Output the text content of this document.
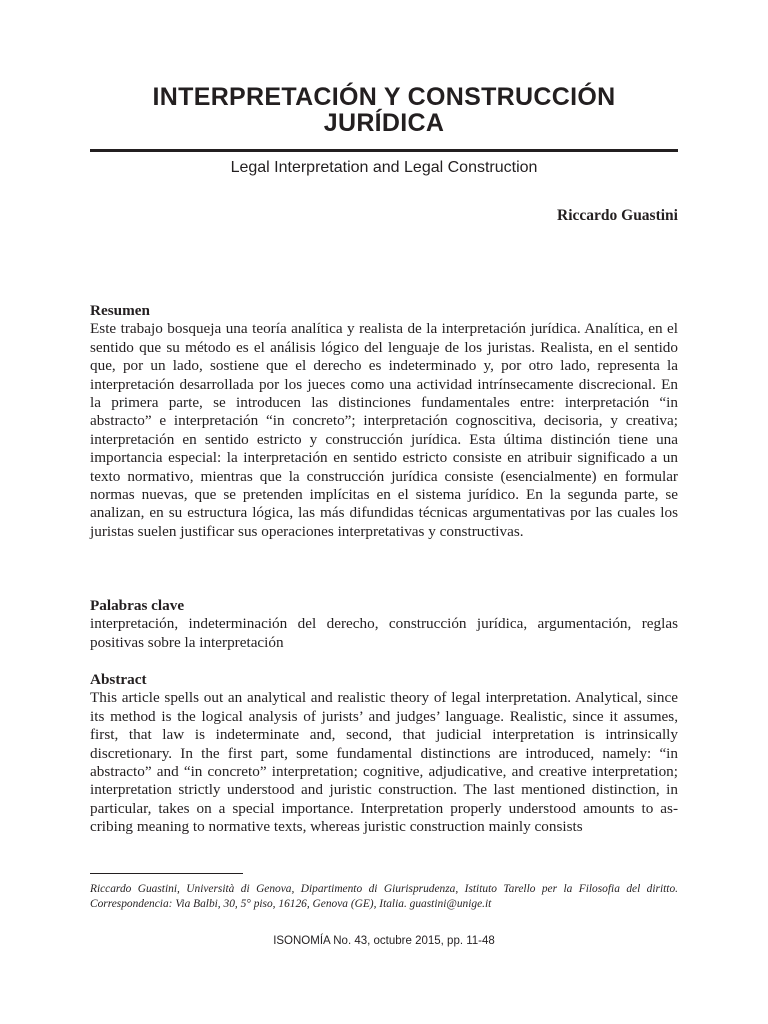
INTERPRETACIÓN Y CONSTRUCCIÓN JURÍDICA
Legal Interpretation and Legal Construction
Riccardo Guastini
Resumen
Este trabajo bosqueja una teoría analítica y realista de la interpretación jurídica. Analítica, en el sentido que su método es el análisis lógico del lenguaje de los juristas. Realista, en el sentido que, por un lado, sostiene que el derecho es indeterminado y, por otro lado, representa la interpretación desarrollada por los jueces como una actividad intrínsecamente discrecional. En la primera parte, se introducen las distinciones fundamentales entre: interpretación “in abstracto” e interpretación “in concreto”; interpretación cognoscitiva, decisoria, y creativa; interpretación en sentido estricto y construcción jurídica. Esta última distinción tiene una importancia especial: la interpretación en sentido estricto consiste en atribuir significado a un texto normativo, mientras que la construcción jurídica consiste (esencialmente) en formular normas nuevas, que se pretenden implícitas en el sistema jurídico. En la segunda parte, se analizan, en su estructura lógica, las más difundidas técnicas argumentativas por las cuales los juristas suelen justificar sus operaciones interpretativas y constructivas.
Palabras clave
interpretación, indeterminación del derecho, construcción jurídica, argumentación, reglas positivas sobre la interpretación
Abstract
This article spells out an analytical and realistic theory of legal interpretation. Analytical, since its method is the logical analysis of jurists’ and judges’ language. Realistic, since it assumes, first, that law is indeterminate and, second, that judicial interpretation is intrinsically discretionary. In the first part, some fundamental distinctions are introduced, namely: “in abstracto” and “in concreto” interpretation; cognitive, adjudicative, and creative interpretation; interpretation strictly understood and juristic construction. The last mentioned distinction, in particular, takes on a special importance. Interpretation properly understood amounts to ascribing meaning to normative texts, whereas juristic construction mainly consists
Riccardo Guastini, Università di Genova, Dipartimento di Giurisprudenza, Istituto Tarello per la Filosofia del diritto. Correspondencia: Via Balbi, 30, 5° piso, 16126, Genova (GE), Italia. guastini@unige.it
ISONOMÍA No. 43, octubre 2015, pp. 11-48
